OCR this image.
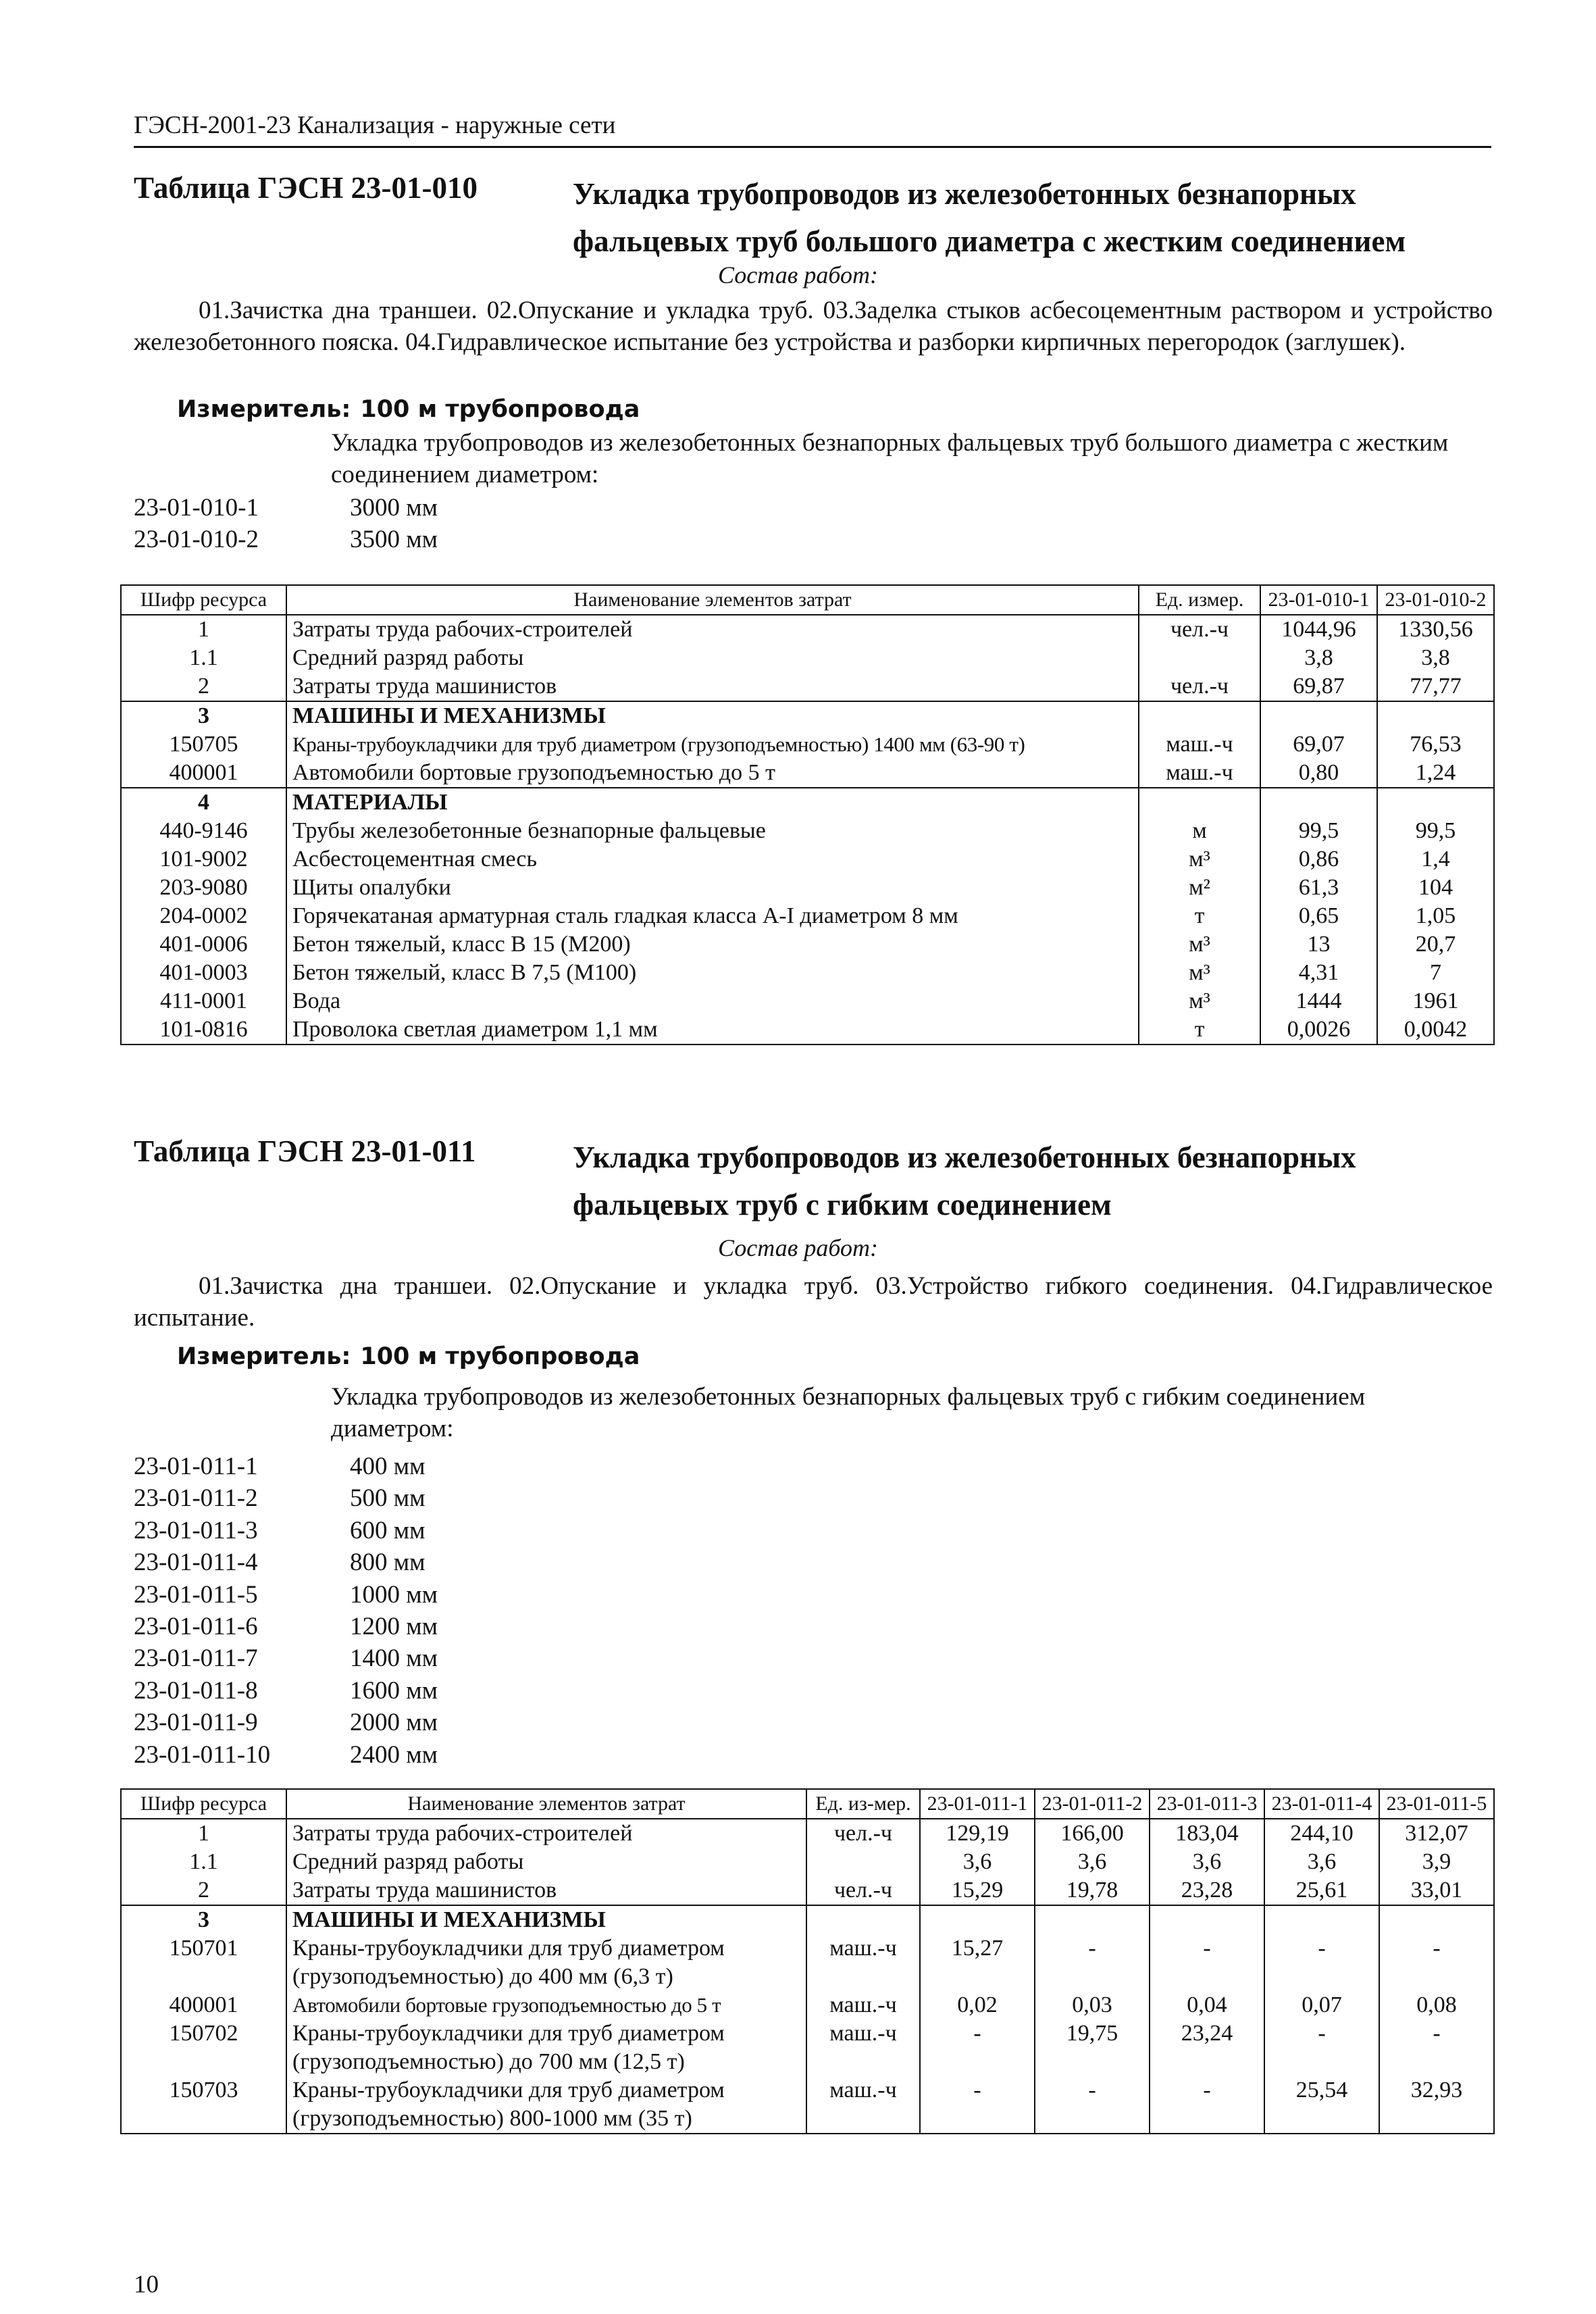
ГЭСН-2001-23 Канализация - наружные сети
Таблица ГЭСН 23-01-010	Укладка трубопроводов из железобетонных безнапорных
фальцевых труб большого диаметра с жестким соединением
Состав работ:
01.Зачистка дна траншеи. 02.Опускание и укладка труб. 03.Заделка стыков асбесоцементным раствором и устройство железобетонного пояска. 04.Гидравлическое испытание без устройства и разборки кирпичных перегородок (заглушек).
Измеритель: 100 м трубопровода
Укладка трубопроводов из железобетонных безнапорных фальцевых труб большого диаметра с жестким соединением диаметром:
23-01-010-1	3000 мм
23-01-010-2	3500 мм
Шифр ресурса	Наименование элементов затрат	Ед. измер.	23-01-010-1	23-01-010-2
1	Затраты труда рабочих-строителей	чел.-ч	1044,96	1330,56
1.1	Средний разряд работы		3,8	3,8
2	Затраты труда машинистов	чел.-ч	69,87	77,77
3	МАШИНЫ И МЕХАНИЗМЫ			
150705	Краны-трубоукладчики для труб диаметром (грузоподъемностью) 1400 мм (63-90 т)	маш.-ч	69,07	76,53
400001	Автомобили бортовые грузоподъемностью до 5 т	маш.-ч	0,80	1,24
4	МАТЕРИАЛЫ			
440-9146	Трубы железобетонные безнапорные фальцевые	м	99,5	99,5
101-9002	Асбестоцементная смесь	м³	0,86	1,4
203-9080	Щиты опалубки	м²	61,3	104
204-0002	Горячекатаная арматурная сталь гладкая класса А-I диаметром 8 мм	т	0,65	1,05
401-0006	Бетон тяжелый, класс В 15 (М200)	м³	13	20,7
401-0003	Бетон тяжелый, класс В 7,5 (М100)	м³	4,31	7
411-0001	Вода	м³	1444	1961
101-0816	Проволока светлая диаметром 1,1 мм	т	0,0026	0,0042
Таблица ГЭСН 23-01-011	Укладка трубопроводов из железобетонных безнапорных
фальцевых труб с гибким соединением
Состав работ:
01.Зачистка дна траншеи. 02.Опускание и укладка труб. 03.Устройство гибкого соединения. 04.Гидравлическое испытание.
Измеритель: 100 м трубопровода
Укладка трубопроводов из железобетонных безнапорных фальцевых труб с гибким соединением диаметром:
23-01-011-1	400 мм
23-01-011-2	500 мм
23-01-011-3	600 мм
23-01-011-4	800 мм
23-01-011-5	1000 мм
23-01-011-6	1200 мм
23-01-011-7	1400 мм
23-01-011-8	1600 мм
23-01-011-9	2000 мм
23-01-011-10	2400 мм
Шифр ресурса	Наименование элементов затрат	Ед. из-мер.	23-01-011-1	23-01-011-2	23-01-011-3	23-01-011-4	23-01-011-5
1	Затраты труда рабочих-строителей	чел.-ч	129,19	166,00	183,04	244,10	312,07
1.1	Средний разряд работы		3,6	3,6	3,6	3,6	3,9
2	Затраты труда машинистов	чел.-ч	15,29	19,78	23,28	25,61	33,01
3	МАШИНЫ И МЕХАНИЗМЫ						
150701	Краны-трубоукладчики для труб диаметром (грузоподъемностью) до 400 мм (6,3 т)	маш.-ч	15,27	-	-	-	-
400001	Автомобили бортовые грузоподъемностью до 5 т	маш.-ч	0,02	0,03	0,04	0,07	0,08
150702	Краны-трубоукладчики для труб диаметром (грузоподъемностью) до 700 мм (12,5 т)	маш.-ч	-	19,75	23,24	-	-
150703	Краны-трубоукладчики для труб диаметром (грузоподъемностью) 800-1000 мм (35 т)	маш.-ч	-	-	-	25,54	32,93
10
